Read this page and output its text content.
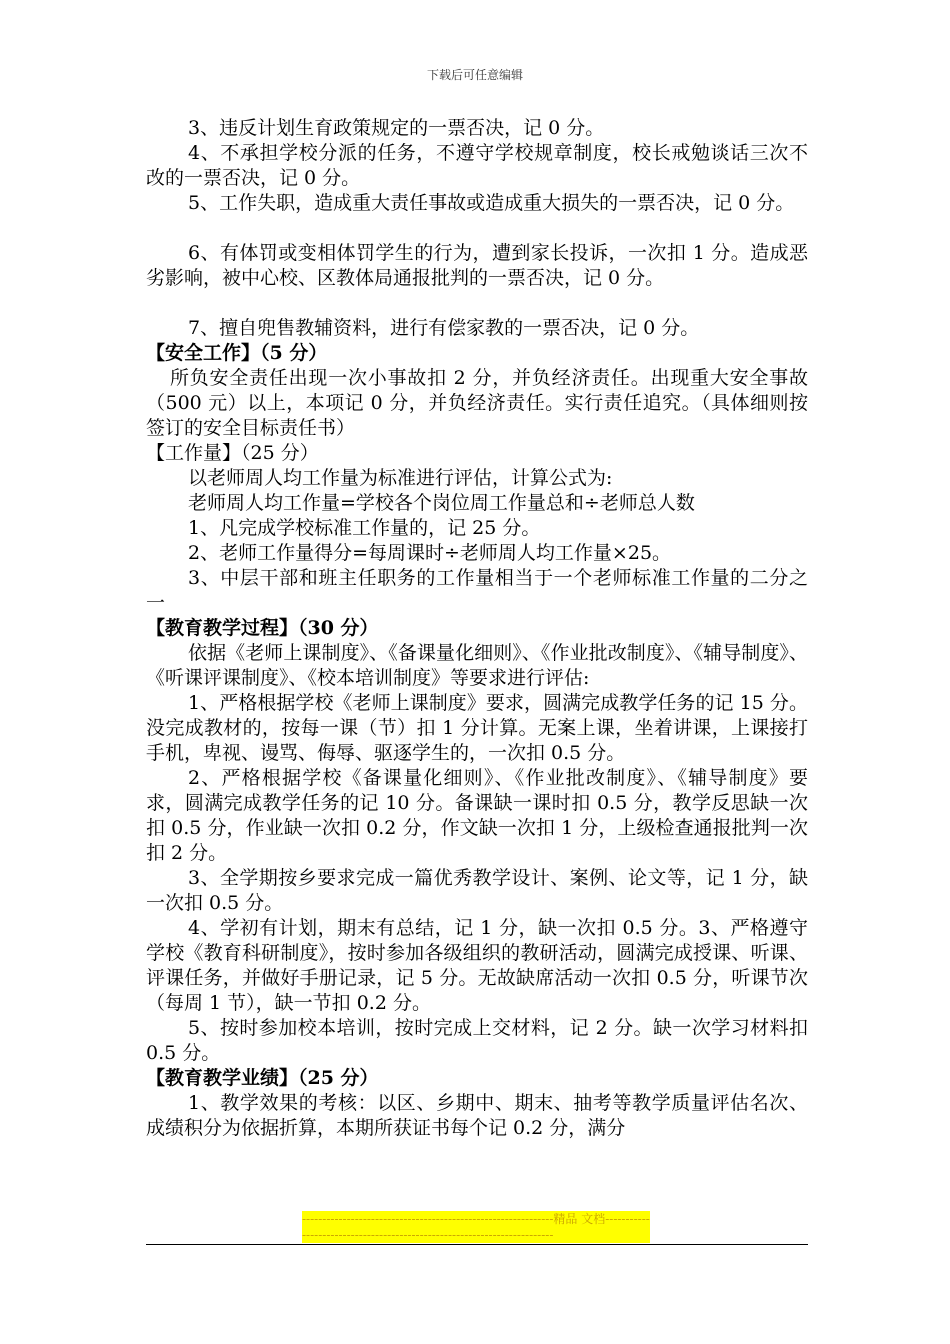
下载后可任意编辑

3、违反计划生育政策规定的一票否决，记 0 分。

4、不承担学校分派的任务，不遵守学校规章制度，校长戒勉谈话三次不改的一票否决，记 0 分。

5、工作失职，造成重大责任事故或造成重大损失的一票否决，记 0 分。

6、有体罚或变相体罚学生的行为，遭到家长投诉，一次扣 1 分。造成恶劣影响，被中心校、区教体局通报批判的一票否决，记 0 分。

7、擅自兜售教辅资料，进行有偿家教的一票否决，记 0 分。

【安全工作】（5 分）

所负安全责任出现一次小事故扣 2 分，并负经济责任。出现重大安全事故（500 元）以上，本项记 0 分，并负经济责任。实行责任追究。（具体细则按签订的安全目标责任书）

【工作量】（25 分）

以老师周人均工作量为标准进行评估，计算公式为:

老师周人均工作量=学校各个岗位周工作量总和÷老师总人数

1、凡完成学校标准工作量的，记 25 分。

2、老师工作量得分=每周课时÷老师周人均工作量×25。

3、中层干部和班主任职务的工作量相当于一个老师标准工作量的二分之一

【教育教学过程】（30 分）

依据《老师上课制度》、《备课量化细则》、《作业批改制度》、《辅导制度》、《听课评课制度》、《校本培训制度》等要求进行评估:

1、严格根据学校《老师上课制度》要求，圆满完成教学任务的记 15 分。没完成教材的，按每一课（节）扣 1 分计算。无案上课，坐着讲课，上课接打手机，卑视、谩骂、侮辱、驱逐学生的，一次扣 0.5 分。

2、严格根据学校《备课量化细则》、《作业批改制度》、《辅导制度》要求，圆满完成教学任务的记 10 分。备课缺一课时扣 0.5 分，教学反思缺一次扣 0.5 分，作业缺一次扣 0.2 分，作文缺一次扣 1 分，上级检查通报批判一次扣 2 分。

3、全学期按乡要求完成一篇优秀教学设计、案例、论文等，记 1 分，缺一次扣 0.5 分。

4、学初有计划，期末有总结，记 1 分，缺一次扣 0.5 分。3、严格遵守学校《教育科研制度》，按时参加各级组织的教研活动，圆满完成授课、听课、评课任务，并做好手册记录，记 5 分。无故缺席活动一次扣 0.5 分，听课节次（每周 1 节），缺一节扣 0.2 分。

5、按时参加校本培训，按时完成上交材料，记 2 分。缺一次学习材料扣 0.5 分。

【教育教学业绩】（25 分）

1、教学效果的考核：以区、乡期中、期末、抽考等教学质量评估名次、成绩积分为依据折算，本期所获证书每个记 0.2 分，满分

--------------------------------------------------------------精品 文档-------------------------------------------------------------------------
